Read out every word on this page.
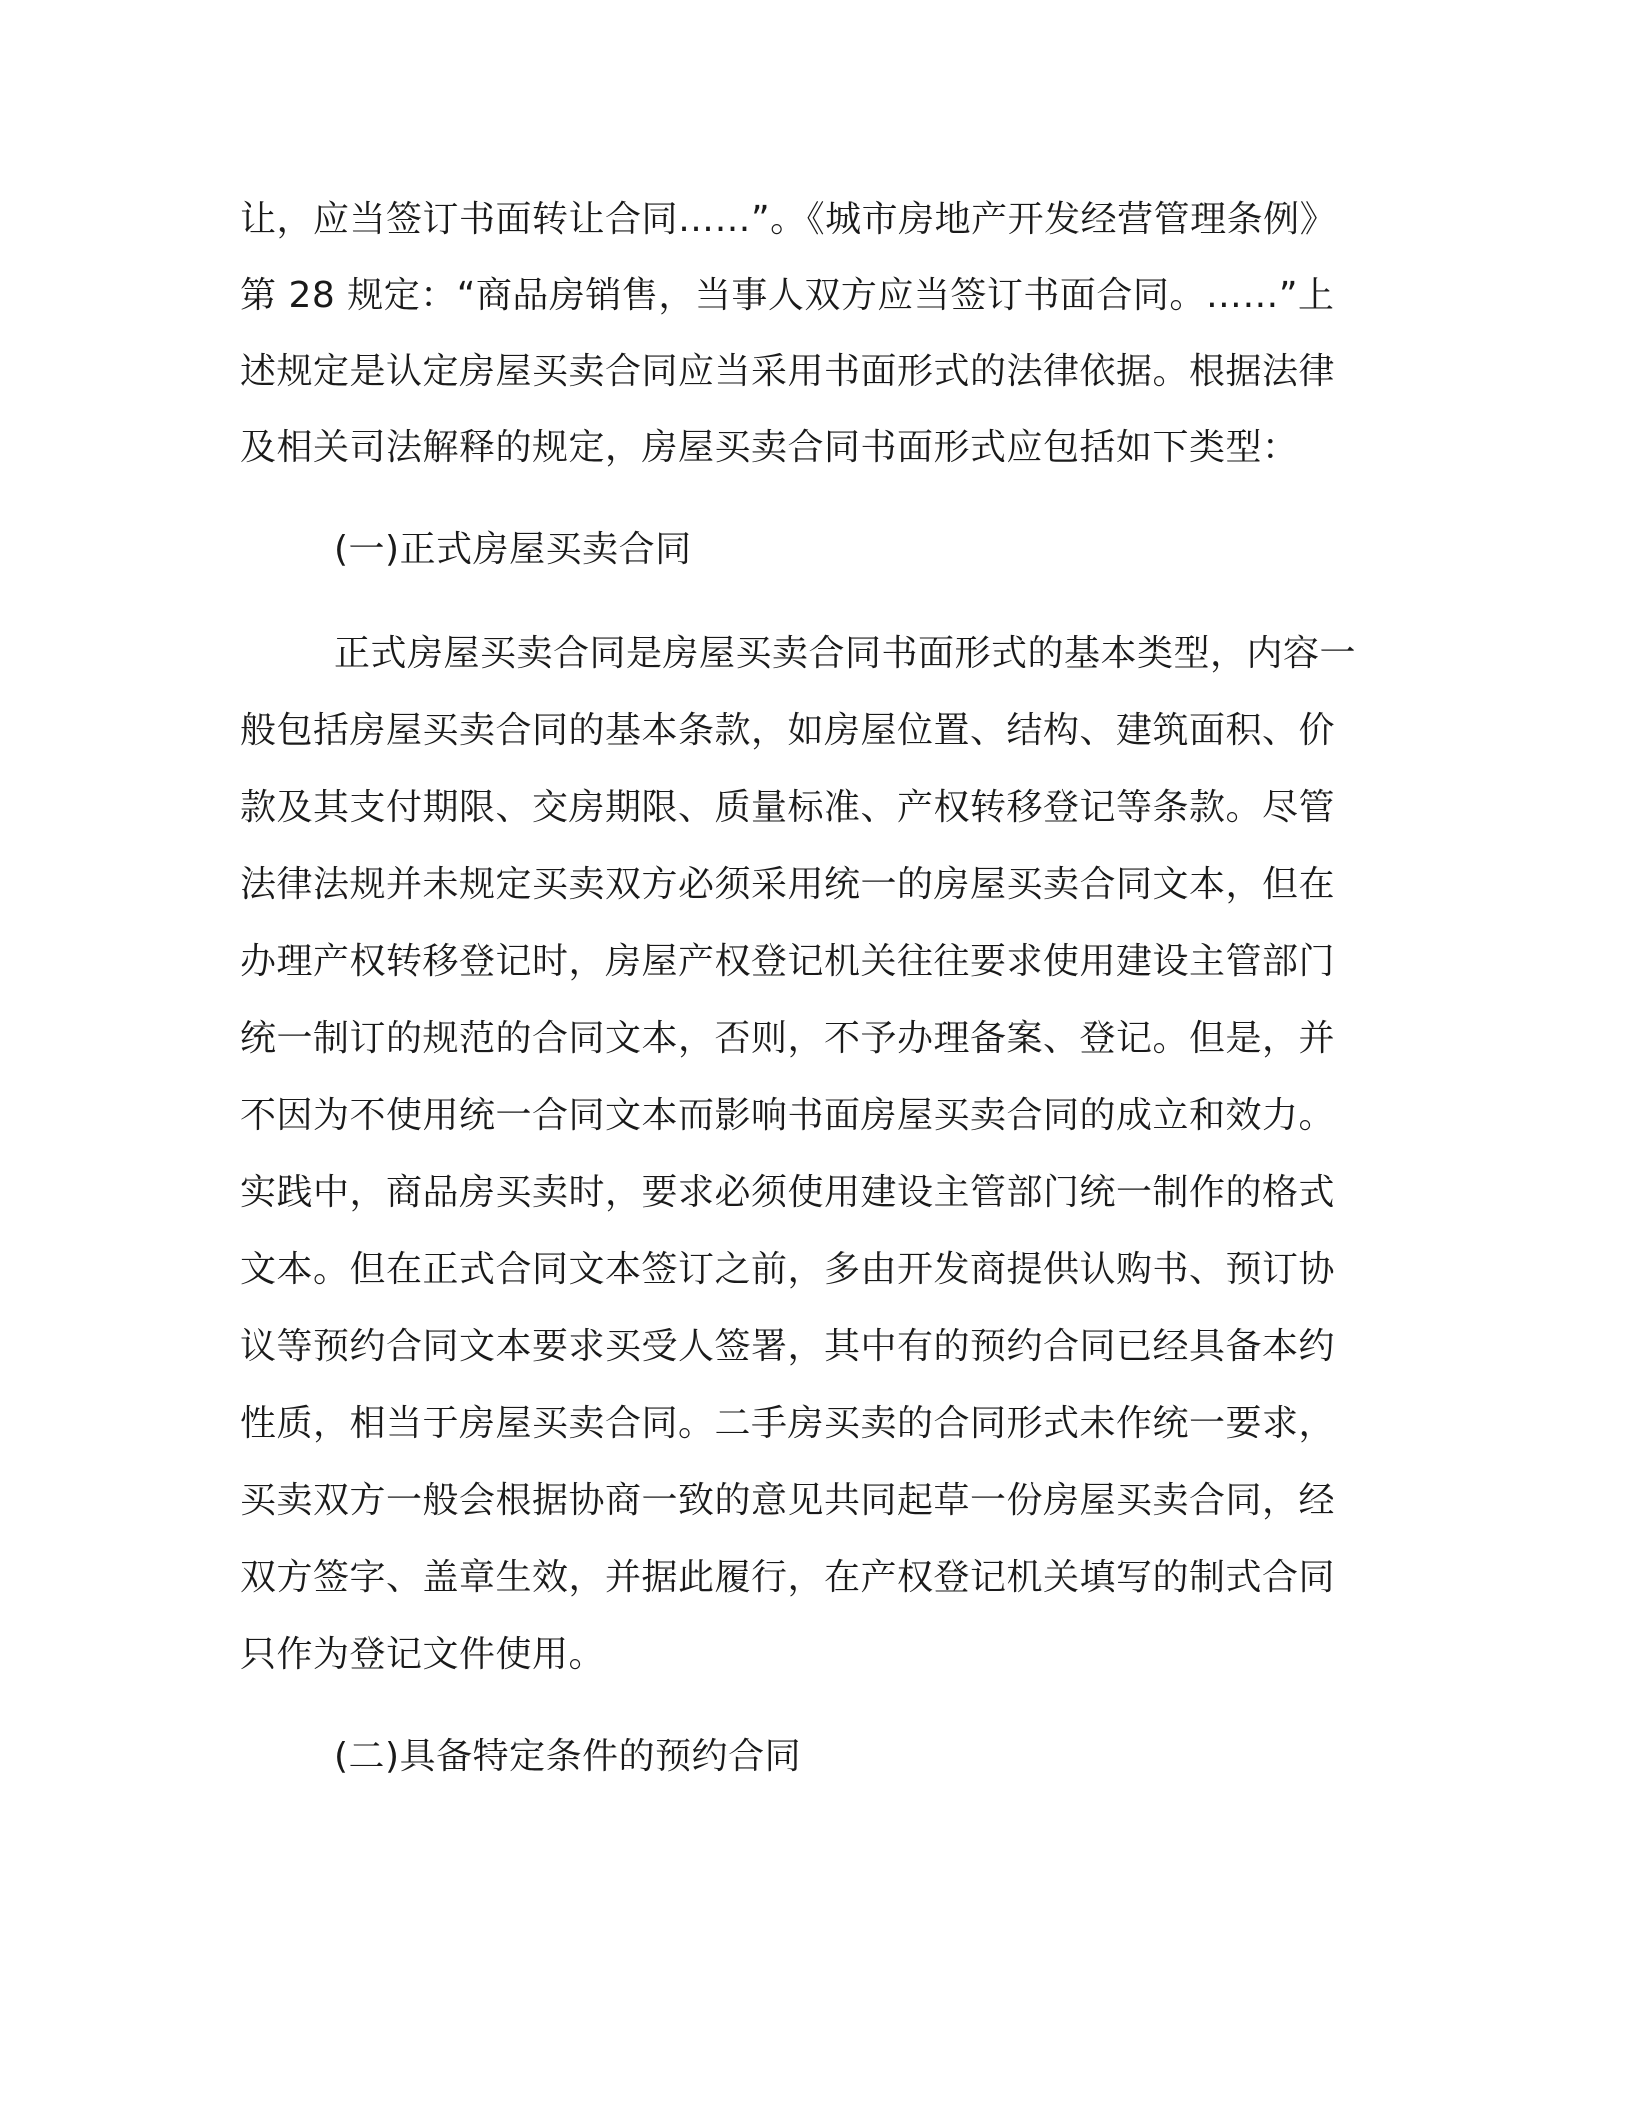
让，应当签订书面转让合同……”。《城市房地产开发经营管理条例》
第 28 规定：“商品房销售，当事人双方应当签订书面合同。……”上
述规定是认定房屋买卖合同应当采用书面形式的法律依据。根据法律
及相关司法解释的规定，房屋买卖合同书面形式应包括如下类型：
(一)正式房屋买卖合同
正式房屋买卖合同是房屋买卖合同书面形式的基本类型，内容一
般包括房屋买卖合同的基本条款，如房屋位置、结构、建筑面积、价
款及其支付期限、交房期限、质量标准、产权转移登记等条款。尽管
法律法规并未规定买卖双方必须采用统一的房屋买卖合同文本，但在
办理产权转移登记时，房屋产权登记机关往往要求使用建设主管部门
统一制订的规范的合同文本，否则，不予办理备案、登记。但是，并
不因为不使用统一合同文本而影响书面房屋买卖合同的成立和效力。
实践中，商品房买卖时，要求必须使用建设主管部门统一制作的格式
文本。但在正式合同文本签订之前，多由开发商提供认购书、预订协
议等预约合同文本要求买受人签署，其中有的预约合同已经具备本约
性质，相当于房屋买卖合同。二手房买卖的合同形式未作统一要求，
买卖双方一般会根据协商一致的意见共同起草一份房屋买卖合同，经
双方签字、盖章生效，并据此履行，在产权登记机关填写的制式合同
只作为登记文件使用。
(二)具备特定条件的预约合同
